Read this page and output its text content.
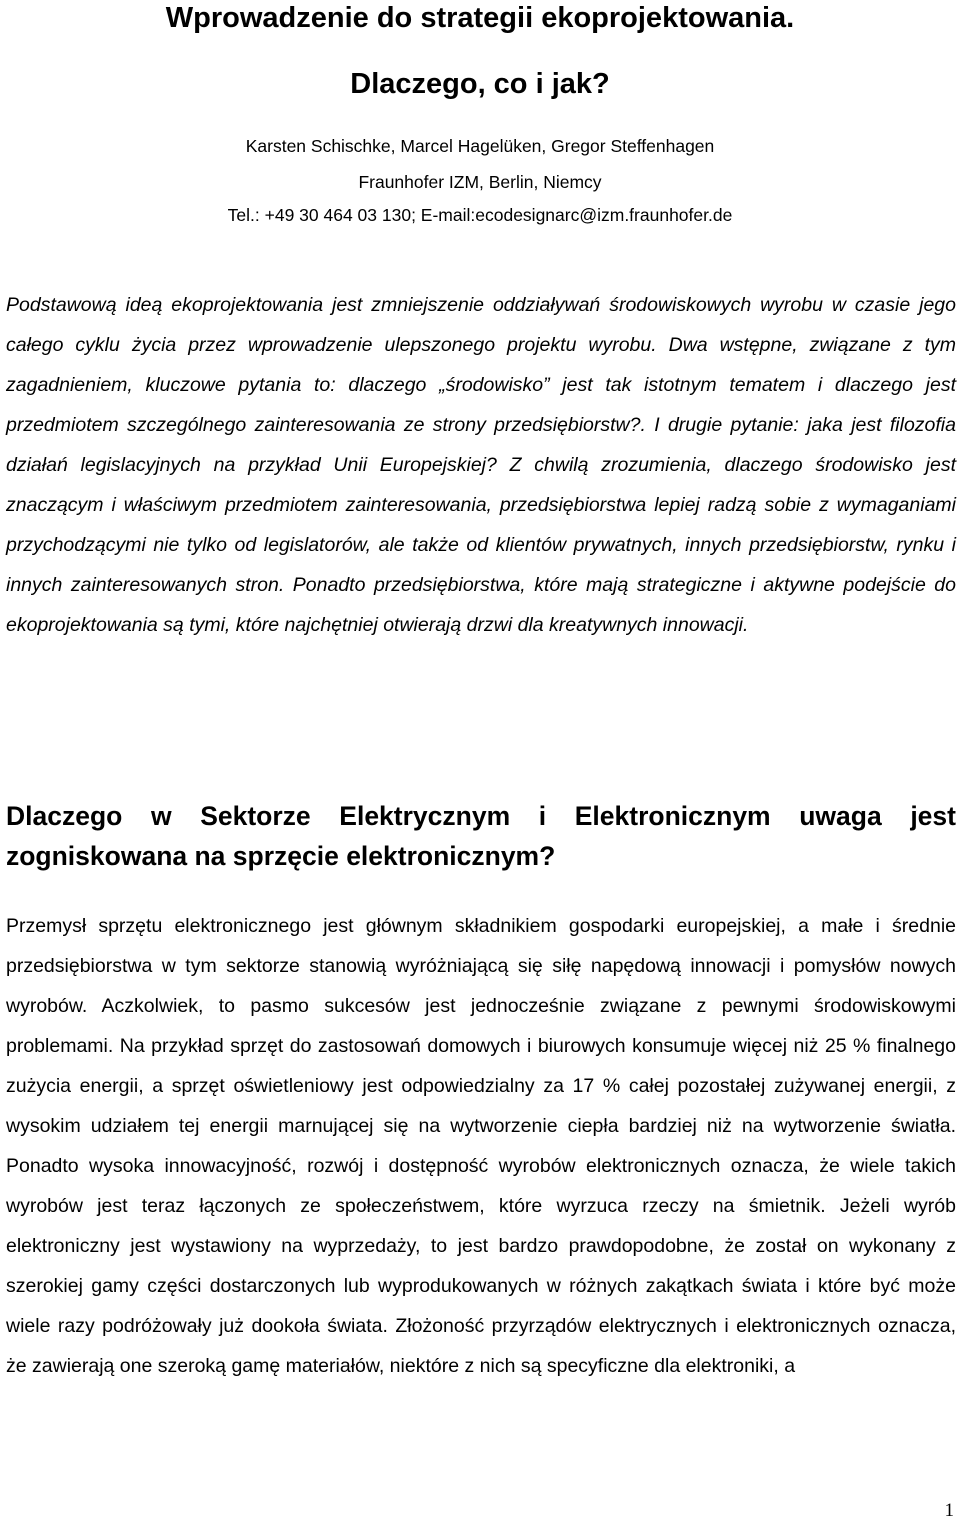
Wprowadzenie do strategii ekoprojektowania.
Dlaczego, co i jak?
Karsten Schischke, Marcel Hagelüken, Gregor Steffenhagen
Fraunhofer IZM, Berlin, Niemcy
Tel.: +49 30 464 03 130; E-mail:ecodesignarc@izm.fraunhofer.de

Podstawową ideą ekoprojektowania jest zmniejszenie oddziaływań środowiskowych wyrobu w czasie jego całego cyklu życia przez wprowadzenie ulepszonego projektu wyrobu. Dwa wstępne, związane z tym zagadnieniem, kluczowe pytania to: dlaczego „środowisko” jest tak istotnym tematem i dlaczego jest przedmiotem szczególnego zainteresowania ze strony przedsiębiorstw?. I drugie pytanie: jaka jest filozofia działań legislacyjnych na przykład Unii Europejskiej? Z chwilą zrozumienia, dlaczego środowisko jest znaczącym i właściwym przedmiotem zainteresowania, przedsiębiorstwa lepiej radzą sobie z wymaganiami przychodzącymi nie tylko od legislatorów, ale także od klientów prywatnych, innych przedsiębiorstw, rynku i innych zainteresowanych stron. Ponadto przedsiębiorstwa, które mają strategiczne i aktywne podejście do ekoprojektowania są tymi, które najchętniej otwierają drzwi dla kreatywnych innowacji.

Dlaczego w Sektorze Elektrycznym i Elektronicznym uwaga jest zogniskowana na sprzęcie elektronicznym?

Przemysł sprzętu elektronicznego jest głównym składnikiem gospodarki europejskiej, a małe i średnie przedsiębiorstwa w tym sektorze stanowią wyróżniającą się siłę napędową innowacji i pomysłów nowych wyrobów. Aczkolwiek, to pasmo sukcesów jest jednocześnie związane z pewnymi środowiskowymi problemami. Na przykład sprzęt do zastosowań domowych i biurowych konsumuje więcej niż 25 % finalnego zużycia energii, a sprzęt oświetleniowy jest odpowiedzialny za 17 % całej pozostałej zużywanej energii, z wysokim udziałem tej energii marnującej się na wytworzenie ciepła bardziej niż na wytworzenie światła. Ponadto wysoka innowacyjność, rozwój i dostępność wyrobów elektronicznych oznacza, że wiele takich wyrobów jest teraz łączonych ze społeczeństwem, które wyrzuca rzeczy na śmietnik. Jeżeli wyrób elektroniczny jest wystawiony na wyprzedaży, to jest bardzo prawdopodobne, że został on wykonany z szerokiej gamy części dostarczonych lub wyprodukowanych w różnych zakątkach świata i które być może wiele razy podróżowały już dookoła świata. Złożoność przyrządów elektrycznych i elektronicznych oznacza, że zawierają one szeroką gamę materiałów, niektóre z nich są specyficzne dla elektroniki, a

1
